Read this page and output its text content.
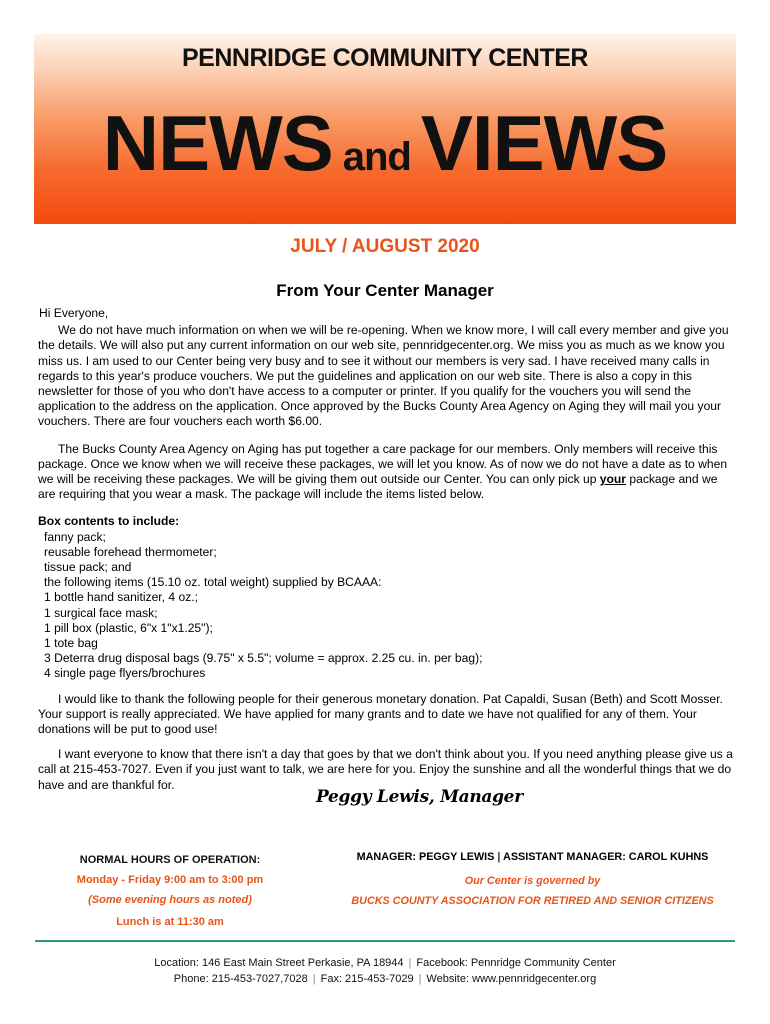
PENNRIDGE COMMUNITY CENTER
NEWS and VIEWS
JULY / AUGUST 2020
From Your Center Manager

Hi Everyone,

We do not have much information on when we will be re-opening. When we know more, I will call every member and give you the details. We will also put any current information on our web site, pennridgecenter.org. We miss you as much as we know you miss us. I am used to our Center being very busy and to see it without our members is very sad. I have received many calls in regards to this year's produce vouchers. We put the guidelines and application on our web site. There is also a copy in this newsletter for those of you who don't have access to a computer or printer. If you qualify for the vouchers you will send the application to the address on the application. Once approved by the Bucks County Area Agency on Aging they will mail you your vouchers. There are four vouchers each worth $6.00.

The Bucks County Area Agency on Aging has put together a care package for our members. Only members will receive this package. Once we know when we will receive these packages, we will let you know. As of now we do not have a date as to when we will be receiving these packages. We will be giving them out outside our Center. You can only pick up your package and we are requiring that you wear a mask. The package will include the items listed below.

Box contents to include:

fanny pack;
reusable forehead thermometer;
tissue pack; and
the following items (15.10 oz. total weight) supplied by BCAAA:
1 bottle hand sanitizer, 4 oz.;
1 surgical face mask;
1 pill box (plastic, 6"x 1"x1.25");
1 tote bag
3 Deterra drug disposal bags (9.75" x 5.5"; volume = approx. 2.25 cu. in. per bag);
4 single page flyers/brochures

I would like to thank the following people for their generous monetary donation. Pat Capaldi, Susan (Beth) and Scott Mosser. Your support is really appreciated. We have applied for many grants and to date we have not qualified for any of them. Your donations will be put to good use!

I want everyone to know that there isn't a day that goes by that we don't think about you. If you need anything please give us a call at 215-453-7027. Even if you just want to talk, we are here for you. Enjoy the sunshine and all the wonderful things that we do have and are thankful for.

Peggy Lewis, Manager
NORMAL HOURS OF OPERATION:
Monday - Friday 9:00 am to 3:00 pm
(Some evening hours as noted)
Lunch is at 11:30 am
MANAGER: PEGGY LEWIS | ASSISTANT MANAGER: CAROL KUHNS
Our Center is governed by
BUCKS COUNTY ASSOCIATION FOR RETIRED AND SENIOR CITIZENS
Location: 146 East Main Street Perkasie, PA 18944 | Facebook: Pennridge Community Center
Phone: 215-453-7027,7028 | Fax: 215-453-7029 | Website: www.pennridgecenter.org
